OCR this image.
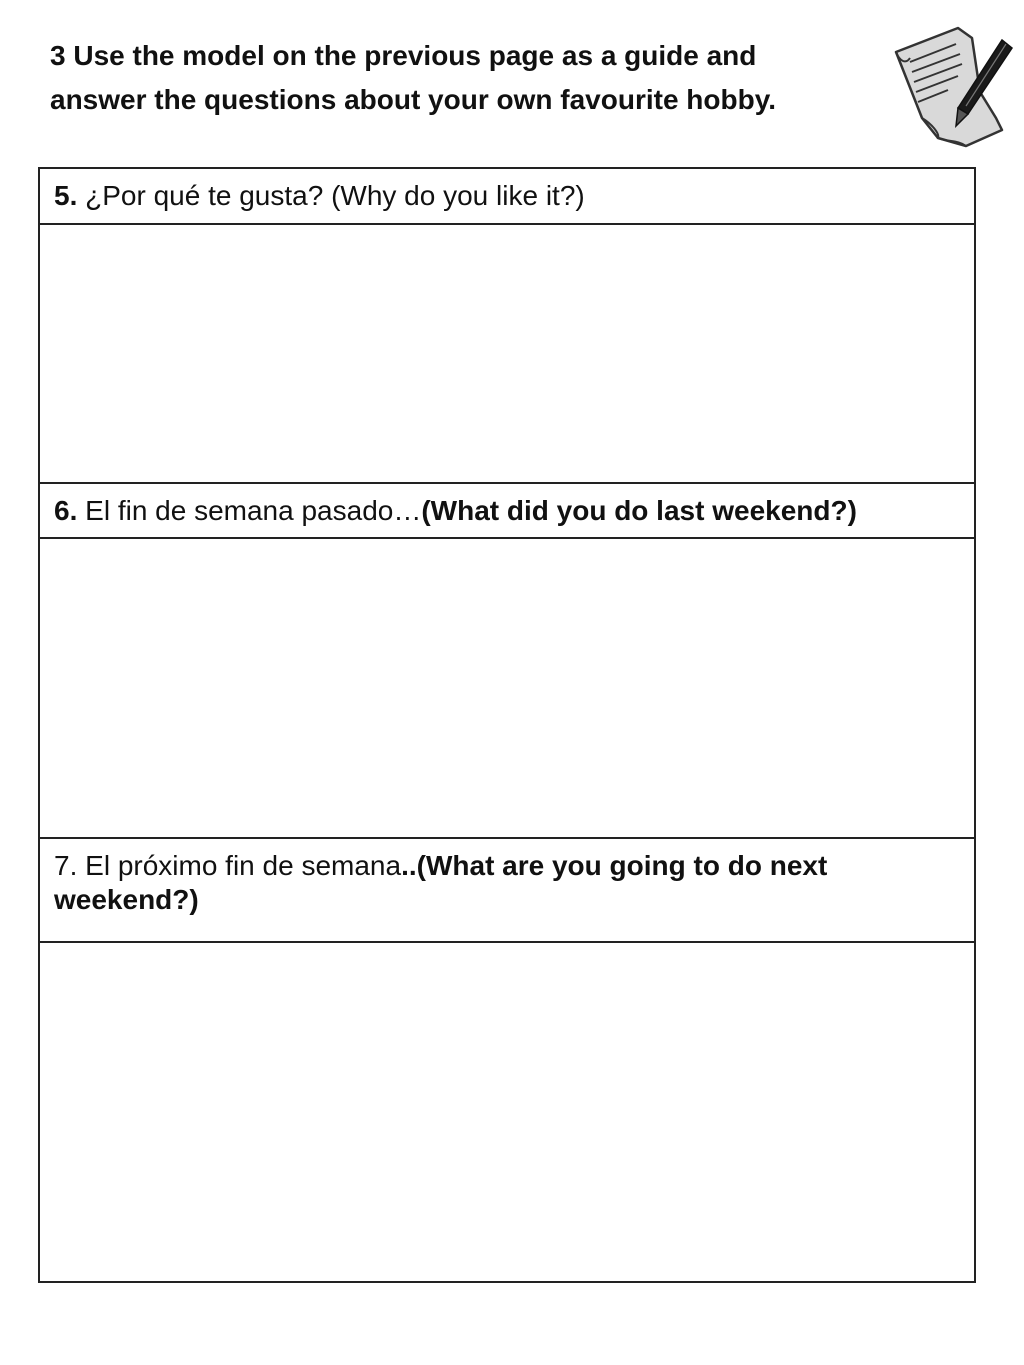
3 Use the model on the previous page as a guide and
answer the questions about your own favourite hobby.
5. ¿Por qué te gusta? (Why do you like it?)
6. El fin de semana pasado…(What did you do last weekend?)
7. El próximo fin de semana..(What are you going to do next weekend?)
